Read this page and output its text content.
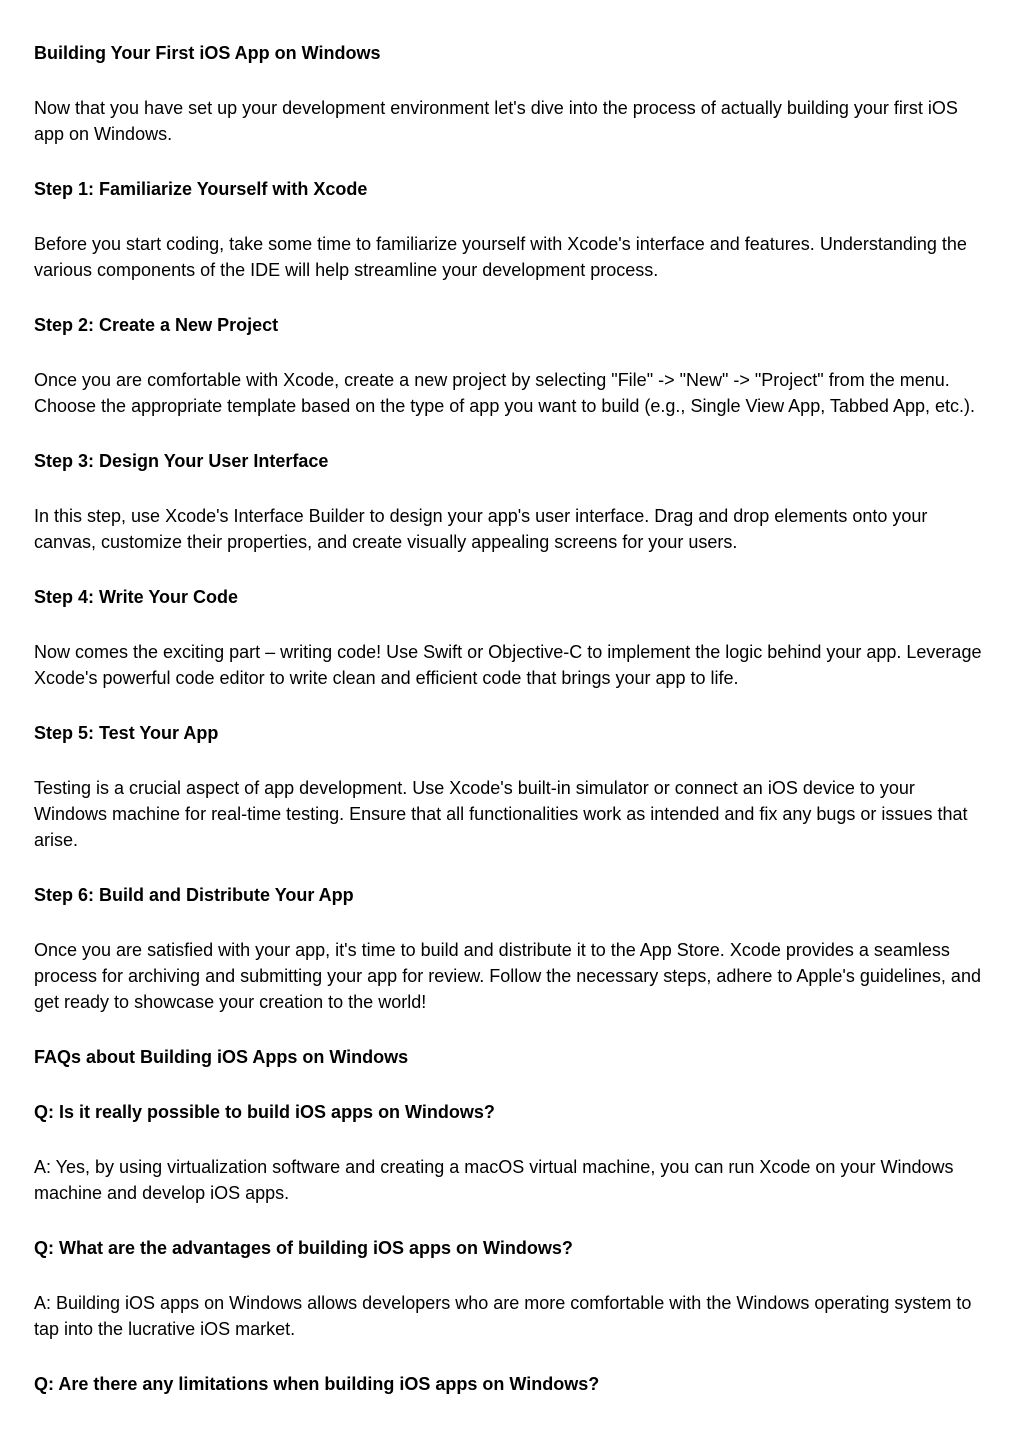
Building Your First iOS App on Windows
Now that you have set up your development environment let's dive into the process of actually building your first iOS app on Windows.
Step 1: Familiarize Yourself with Xcode
Before you start coding, take some time to familiarize yourself with Xcode's interface and features. Understanding the various components of the IDE will help streamline your development process.
Step 2: Create a New Project
Once you are comfortable with Xcode, create a new project by selecting "File" -> "New" -> "Project" from the menu. Choose the appropriate template based on the type of app you want to build (e.g., Single View App, Tabbed App, etc.).
Step 3: Design Your User Interface
In this step, use Xcode's Interface Builder to design your app's user interface. Drag and drop elements onto your canvas, customize their properties, and create visually appealing screens for your users.
Step 4: Write Your Code
Now comes the exciting part – writing code! Use Swift or Objective-C to implement the logic behind your app. Leverage Xcode's powerful code editor to write clean and efficient code that brings your app to life.
Step 5: Test Your App
Testing is a crucial aspect of app development. Use Xcode's built-in simulator or connect an iOS device to your Windows machine for real-time testing. Ensure that all functionalities work as intended and fix any bugs or issues that arise.
Step 6: Build and Distribute Your App
Once you are satisfied with your app, it's time to build and distribute it to the App Store. Xcode provides a seamless process for archiving and submitting your app for review. Follow the necessary steps, adhere to Apple's guidelines, and get ready to showcase your creation to the world!
FAQs about Building iOS Apps on Windows
Q: Is it really possible to build iOS apps on Windows?
A: Yes, by using virtualization software and creating a macOS virtual machine, you can run Xcode on your Windows machine and develop iOS apps.
Q: What are the advantages of building iOS apps on Windows?
A: Building iOS apps on Windows allows developers who are more comfortable with the Windows operating system to tap into the lucrative iOS market.
Q: Are there any limitations when building iOS apps on Windows?
